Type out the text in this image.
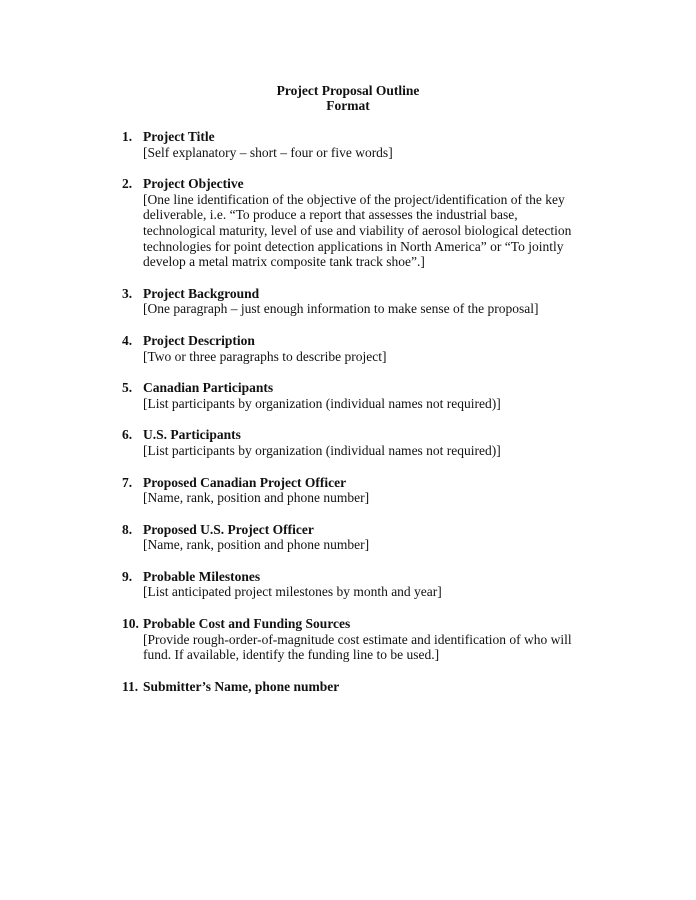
Project Proposal Outline
Format
1. Project Title
[Self explanatory – short – four or five words]
2. Project Objective
[One line identification of the objective of the project/identification of the key
deliverable, i.e. “To produce a report that assesses the industrial base,
technological maturity, level of use and viability of aerosol biological detection
technologies for point detection applications in North America” or “To jointly
develop a metal matrix composite tank track shoe”.]
3. Project Background
[One paragraph – just enough information to make sense of the proposal]
4. Project Description
[Two or three paragraphs to describe project]
5. Canadian Participants
[List participants by organization (individual names not required)]
6. U.S. Participants
[List participants by organization (individual names not required)]
7. Proposed Canadian Project Officer
[Name, rank, position and phone number]
8. Proposed U.S. Project Officer
[Name, rank, position and phone number]
9. Probable Milestones
[List anticipated project milestones by month and year]
10. Probable Cost and Funding Sources
[Provide rough-order-of-magnitude cost estimate and identification of who will
fund. If available, identify the funding line to be used.]
11. Submitter’s Name, phone number
